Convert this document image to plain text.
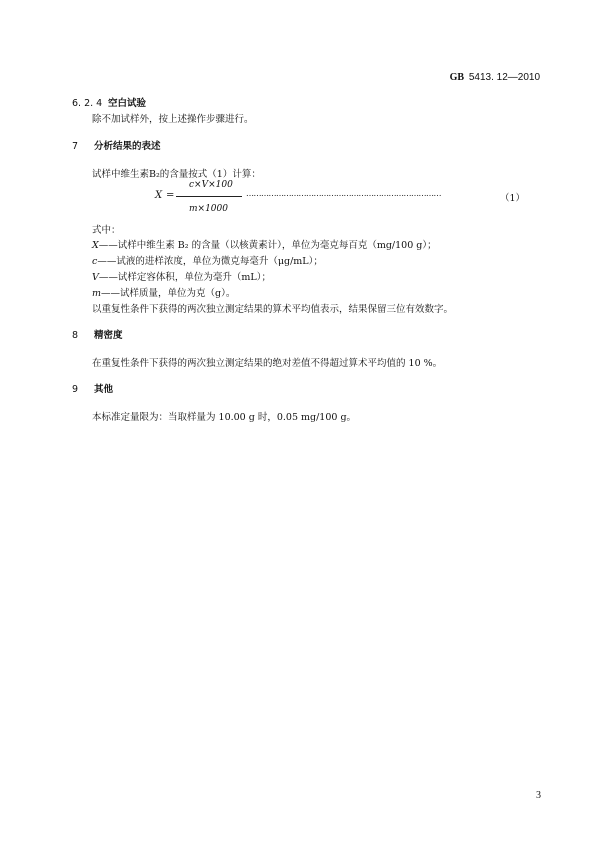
GB 5413. 12—2010
6. 2. 4 空白试验
除不加试样外，按上述操作步骤进行。
7 分析结果的表述
试样中维生素B₂的含量按式（1）计算：
c×V×100
X =	……………………………………………………………………	（1）
m×1000
式中：
X——试样中维生素 B₂ 的含量（以核黄素计），单位为毫克每百克（mg/100 g）；
c——试液的进样浓度，单位为微克每毫升（μg/mL）；
V——试样定容体积，单位为毫升（mL）；
m——试样质量，单位为克（g）。
以重复性条件下获得的两次独立测定结果的算术平均值表示，结果保留三位有效数字。
8 精密度
在重复性条件下获得的两次独立测定结果的绝对差值不得超过算术平均值的 10 %。
9 其他
本标准定量限为：当取样量为 10.00 g 时，0.05 mg/100 g。
3
